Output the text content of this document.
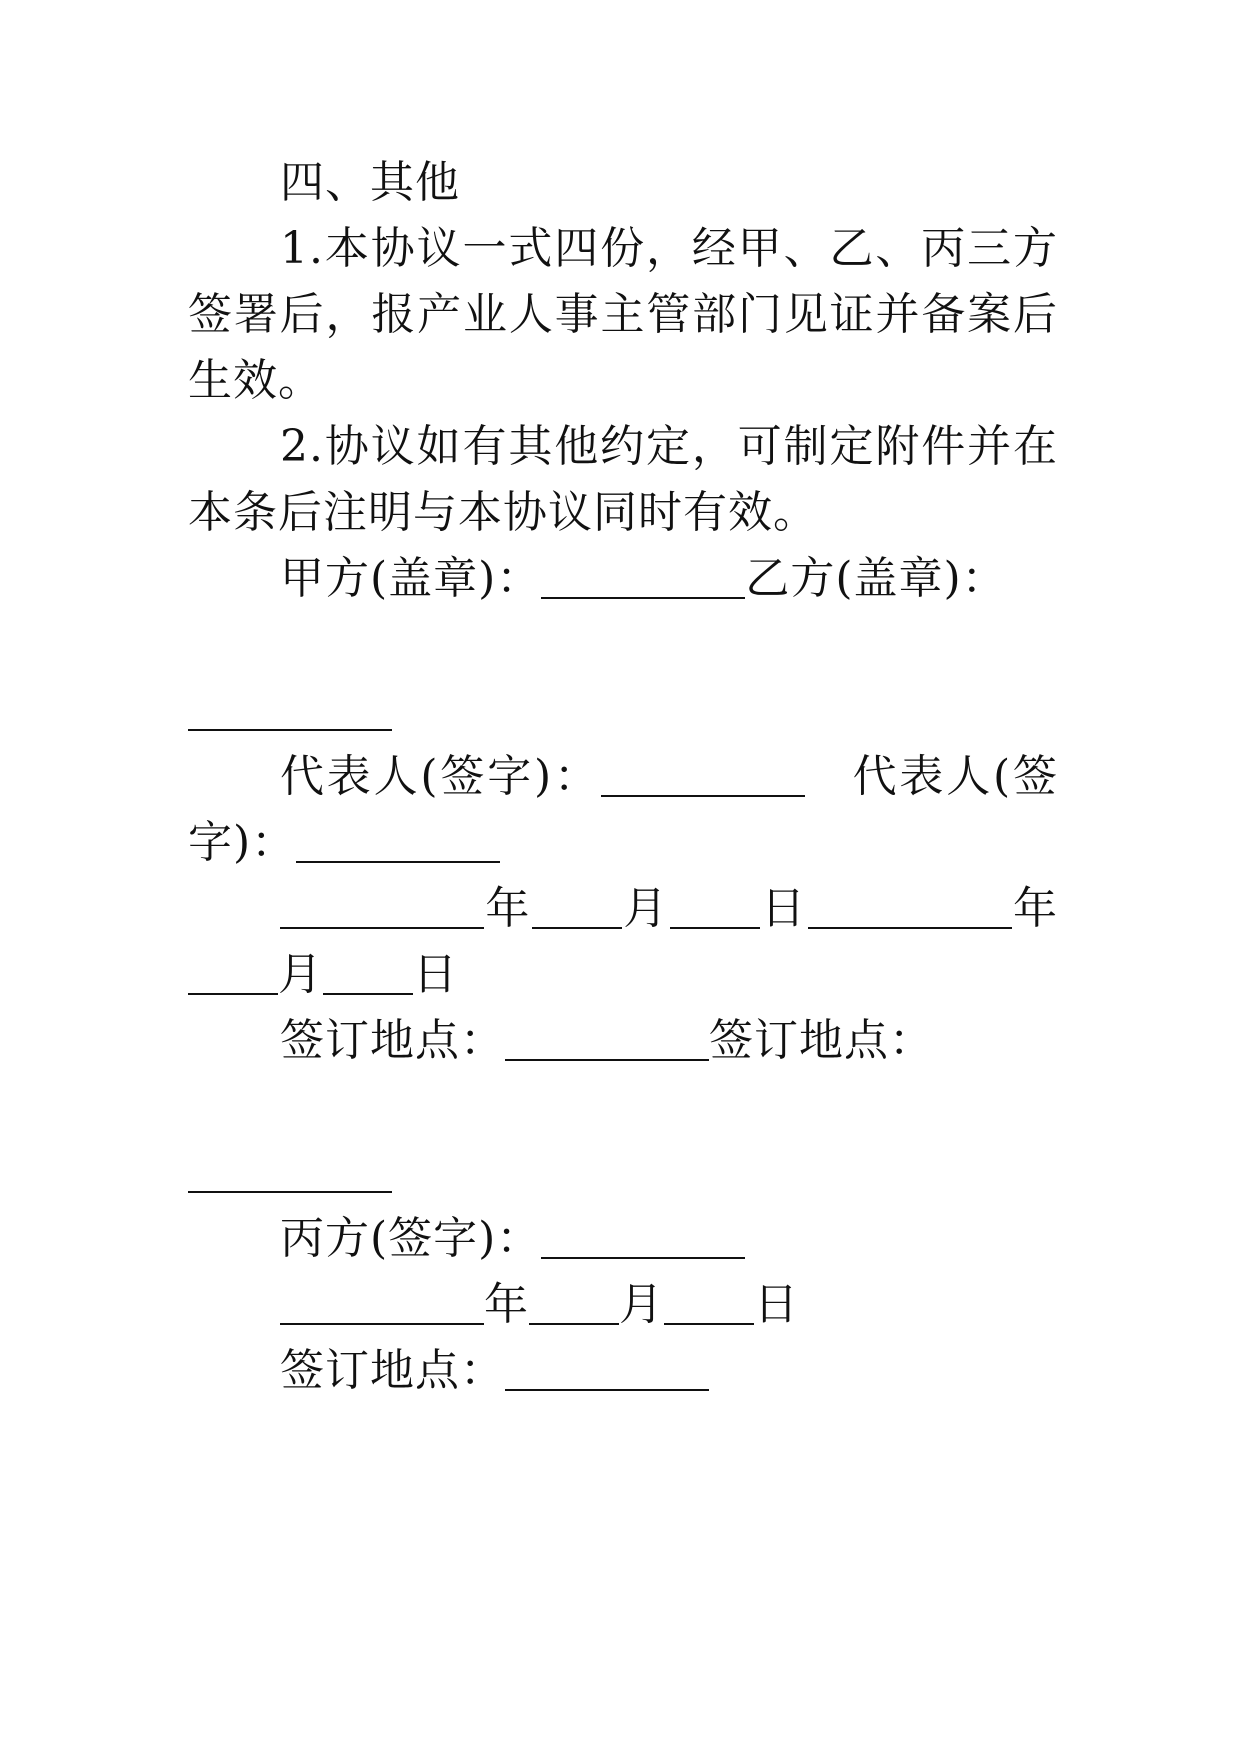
四、其他

1.本协议一式四份，经甲、乙、丙三方签署后，报产业人事主管部门见证并备案后生效。

2.协议如有其他约定，可制定附件并在本条后注明与本协议同时有效。

甲方(盖章)：	乙方(盖章)：

代表人(签字)：	代表人(签字)：

年 月 日	年月 日

签订地点：	签订地点：

丙方(签字)：

年 月 日

签订地点：
